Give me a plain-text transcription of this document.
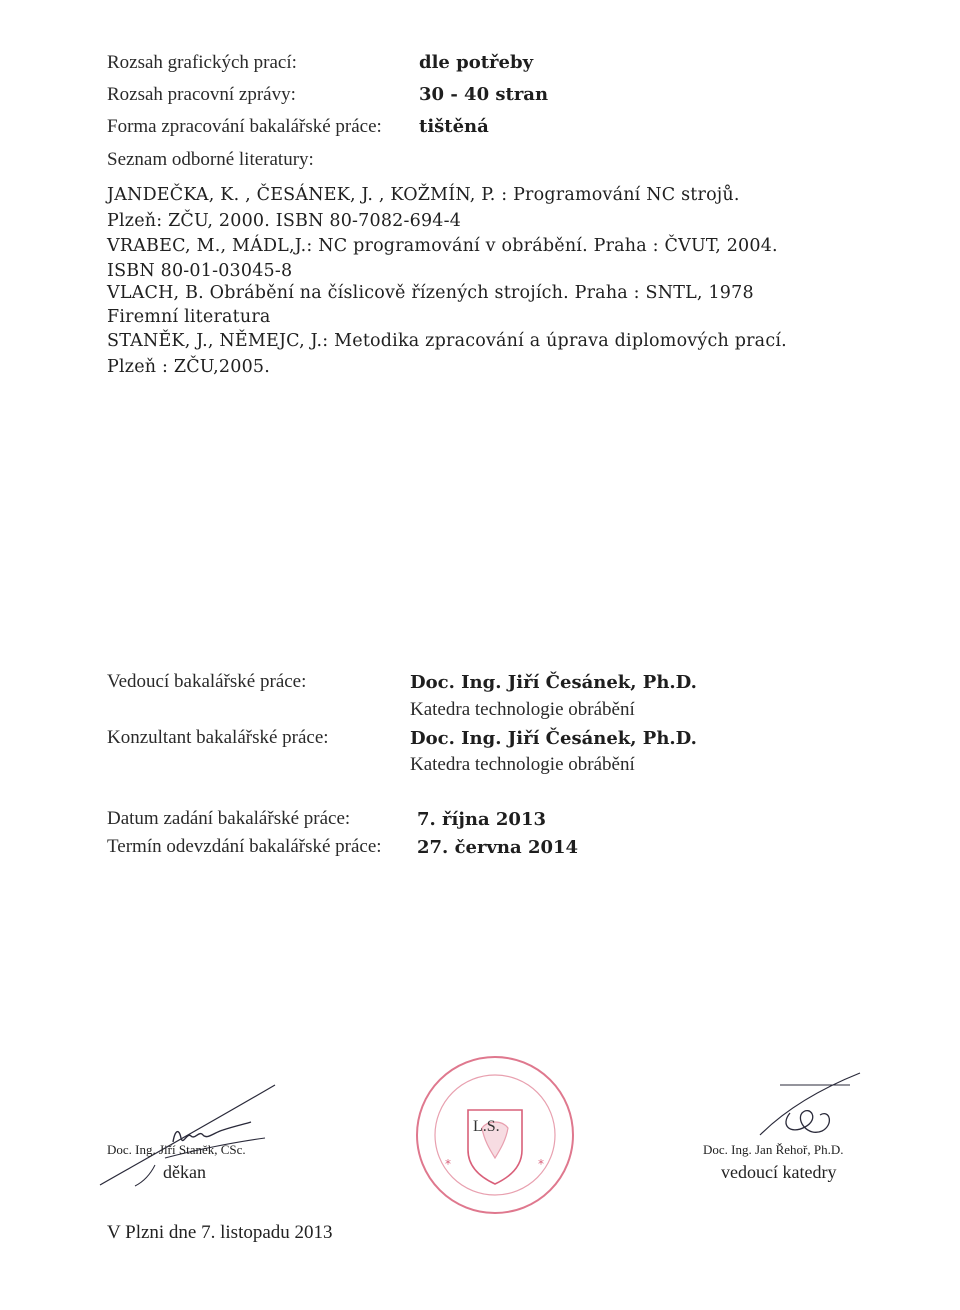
Rozsah grafických prací:	dle potřeby
Rozsah pracovní zprávy:	30 - 40 stran
Forma zpracování bakalářské práce: tištěná
Seznam odborné literatury:
JANDEČKA, K. , ČESÁNEK, J. , KOŽMÍN, P. : Programování NC strojů.
Plzeň: ZČU, 2000. ISBN 80-7082-694-4
VRABEC, M., MÁDL,J.: NC programování v obrábění. Praha : ČVUT, 2004.
ISBN 80-01-03045-8
VLACH, B. Obrábění na číslicově řízených strojích. Praha : SNTL, 1978
Firemní literatura
STANĚK, J., NĚMEJC, J.: Metodika zpracování a úprava diplomových prací.
Plzeň : ZČU,2005.
Vedoucí bakalářské práce:	Doc. Ing. Jiří Česánek, Ph.D.
Katedra technologie obrábění
Konzultant bakalářské práce:	Doc. Ing. Jiří Česánek, Ph.D.
Katedra technologie obrábění
Datum zadání bakalářské práce:	7. října 2013
Termín odevzdání bakalářské práce: 27. června 2014
Doc. Ing. Jiří Staněk, CSc.
děkan	*	*
L.S.
Doc. Ing. Jan Řehoř, Ph.D.
vedoucí katedry
V Plzni dne 7. listopadu 2013
